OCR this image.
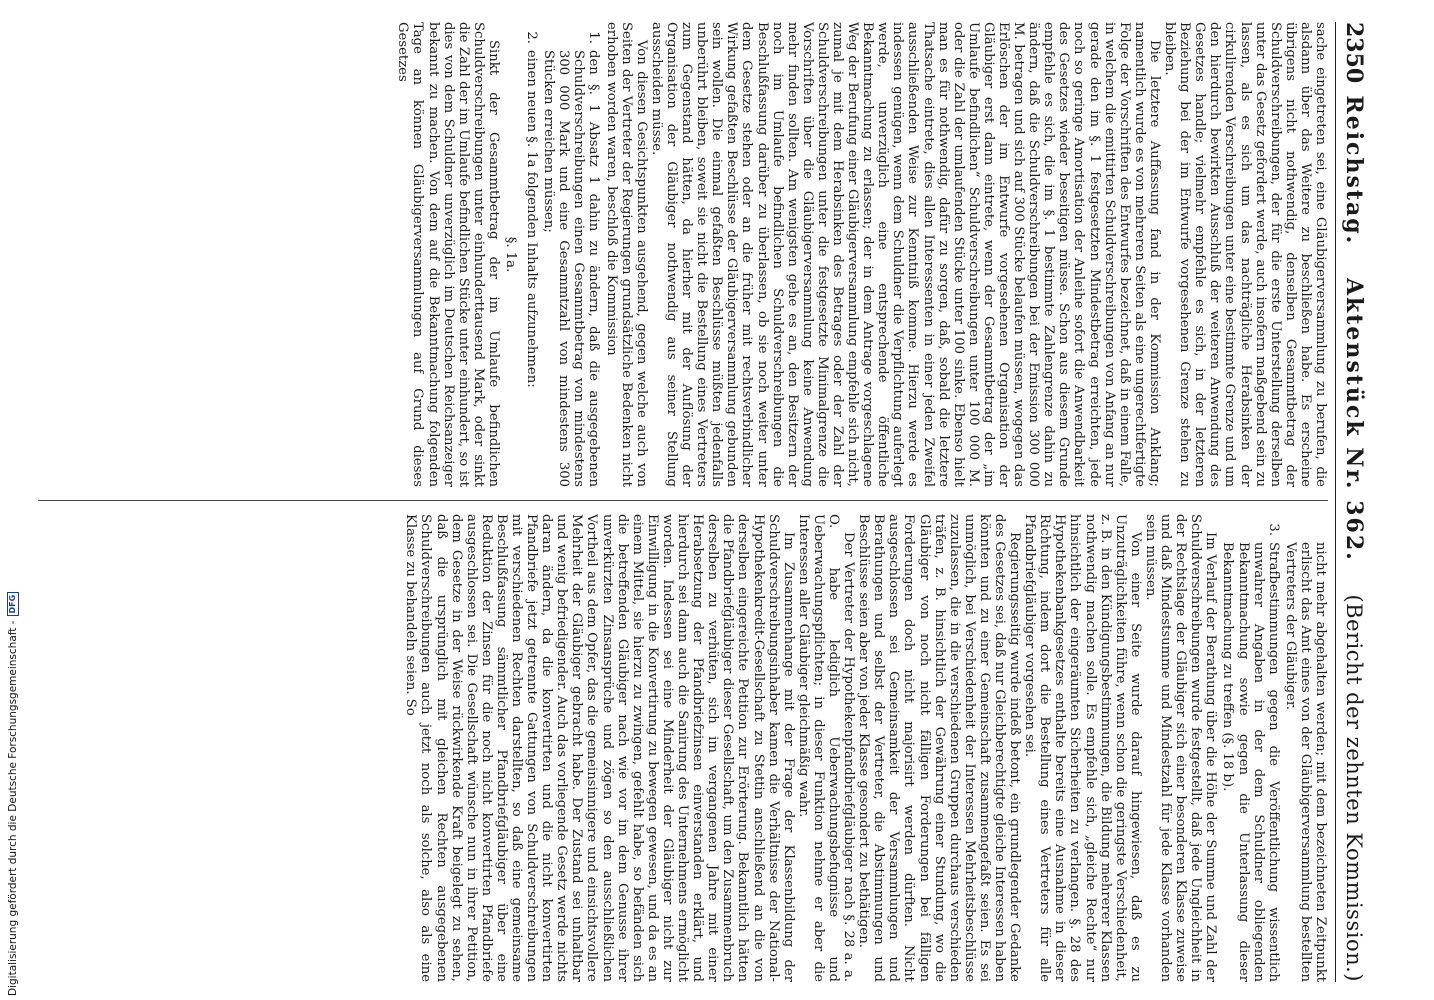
2350
Reichstag.    Aktenstück Nr. 362.    (Bericht der zehnten Kommission.)

sache eingetreten sei, eine Gläubigerversammlung zu berufen, die alsdann über das Weitere zu beschließen habe. Es erscheine übrigens nicht nothwendig, denselben Gesammtbetrag der Schuldverschreibungen, der für die erste Unterstellung derselben unter das Gesetz gefordert werde, auch insofern maßgebend sein zu lassen, als es sich um das nachträgliche Herabsinken der cirkulirenden Verschreibungen unter eine bestimmte Grenze und um den hierdurch bewirkten Ausschluß der weiteren Anwendung des Gesetzes handle; vielmehr empfehle es sich, in der letzteren Beziehung bei der im Entwurfe vorgesehenen Grenze stehen zu bleiben.

Die letztere Auffassung fand in der Kommission Anklang; namentlich wurde es von mehreren Seiten als eine ungerechtfertigte Folge der Vorschriften des Entwurfes bezeichnet, daß in einem Falle, in welchem die emittirten Schuldverschreibungen von Anfang an nur gerade den im §. 1 festgesetzten Mindestbetrag erreichten, jede noch so geringe Amortisation der Anleihe sofort die Anwendbarkeit des Gesetzes wieder beseitigen müsse. Schon aus diesem Grunde empfehle es sich, die im §. 1 bestimmte Zahlengrenze dahin zu ändern, daß die Schuldverschreibungen bei der Emission 300 000 M. betragen und sich auf 300 Stücke belaufen müssen, wogegen das Erlöschen der im Entwurfe vorgesehenen Organisation der Gläubiger erst dann eintrete, wenn der Gesammtbetrag der „im Umlaufe befindlichen“ Schuldverschreibungen unter 100 000 M. oder die Zahl der umlaufenden Stücke unter 100 sinke. Ebenso hielt man es für nothwendig, dafür zu sorgen, daß, sobald die letztere Thatsache eintrete, dies allen Interessenten in einer jeden Zweifel ausschließenden Weise zur Kenntniß komme. Hierzu werde es indessen genügen, wenn dem Schuldner die Verpflichtung auferlegt werde, unverzüglich eine entsprechende öffentliche Bekanntmachung zu erlassen; der in dem Antrage vorgeschlagene Weg der Berufung einer Gläubigerversammlung empfehle sich nicht, zumal je mit dem Herabsinken des Betrages oder der Zahl der Schuldverschreibungen unter die festgesetzte Minimalgrenze die Vorschriften über die Gläubigerversammlung keine Anwendung mehr finden sollten. Am wenigsten gehe es an, den Besitzern der noch im Umlaufe befindlichen Schuldverschreibungen die Beschlußfassung darüber zu überlassen, ob sie noch weiter unter dem Gesetze stehen oder an die früher mit rechtsverbindlicher Wirkung gefaßten Beschlüsse der Gläubigerversammlung gebunden sein wollen. Die einmal gefaßten Beschlüsse müßten jedenfalls unberührt bleiben, soweit sie nicht die Bestellung eines Vertreters zum Gegenstand hätten, da hierher mit der Auflösung der Organisation der Gläubiger nothwendig aus seiner Stellung ausscheiden müsse.

Von diesen Gesichtspunkten ausgehend, gegen welche auch von Seiten der Vertreter der Regierungen grundsätzliche Bedenken nicht erhoben worden waren, beschloß die Kommission

1.
den §. 1 Absatz 1 dahin zu ändern, daß die ausgegebenen Schuldverschreibungen einen Gesammtbetrag von mindestens 300 000 Mark und eine Gesammtzahl von mindestens 300 Stücken erreichen müssen;
2.
einen neuen §. 1a folgenden Inhalts aufzunehmen:

§. 1a.

Sinkt der Gesammtbetrag der im Umlaufe befindlichen Schuldverschreibungen unter einhunderttausend Mark, oder sinkt die Zahl der im Umlaufe befindlichen Stücke unter einhundert, so ist dies von dem Schuldner unverzüglich im Deutschen Reichsanzeiger bekannt zu machen. Von dem auf die Bekanntmachung folgenden Tage an können Gläubigerversammlungen auf Grund dieses Gesetzes

nicht mehr abgehalten werden; mit dem bezeichneten Zeitpunkt erlischt das Amt eines von der Gläubigerversammlung bestellten Vertreters der Gläubiger.

3.
Strafbestimmungen gegen die Veröffentlichung wissentlich unwahrer Angaben in der dem Schuldner obliegenden Bekanntmachung sowie gegen die Unterlassung dieser Bekanntmachung zu treffen (§. 18 b).

Im Verlauf der Berathung über die Höhe der Summe und Zahl der Schuldverschreibungen wurde festgestellt, daß jede Ungleichheit in der Rechtslage der Gläubiger sich einer besonderen Klasse zuweise und daß Mindestsumme und Mindestzahl für jede Klasse vorhanden sein müssen.

Von einer Seite wurde darauf hingewiesen, daß es zu Unzuträglichkeiten führe, wenn schon die geringste Verschiedenheit, z. B. in den Kündigungsbestimmungen, die Bildung mehrerer Klassen nothwendig machen solle. Es empfehle sich, „gleiche Rechte“ nur hinsichtlich der eingeräumten Sicherheiten zu verlangen. §. 28 des Hypothekenbankgesetzes enthalte bereits eine Ausnahme in dieser Richtung, indem dort die Bestellung eines Vertreters für alle Pfandbriefgläubiger vorgesehen sei.

Regierungsseitig wurde indeß betont, ein grundlegender Gedanke des Gesetzes sei, daß nur Gleichberechtigte gleiche Interessen haben könnten und zu einer Gemeinschaft zusammengefaßt seien. Es sei unmöglich, bei Verschiedenheit der Interessen Mehrheitsbeschlüsse zuzulassen, die in die verschiedenen Gruppen durchaus verschieden träfen, z. B. hinsichtlich der Gewährung einer Stundung, wo die Gläubiger von noch nicht fälligen Forderungen bei fälligen Forderungen doch nicht majorisirt werden dürften. Nicht ausgeschlossen sei Gemeinsamkeit der Versammlungen und Berathungen und selbst der Vertreter, die Abstimmungen und Beschlüsse seien aber von jeder Klasse gesondert zu bethätigen.

Der Vertreter der Hypothekenpfandbriefgläubiger nach §. 28 a. a. O. habe lediglich Ueberwachungsbefugnisse und Ueberwachungspflichten; in dieser Funktion nehme er aber die Interessen aller Gläubiger gleichmäßig wahr.

Im Zusammenhange mit der Frage der Klassenbildung der Schuldverschreibungsinhaber kamen die Verhältnisse der National-Hypothekenkredit-Gesellschaft zu Stettin anschließend an die von derselben eingereichte Petition zur Erörterung. Bekanntlich hätten die Pfandbriefgläubiger dieser Gesellschaft, um den Zusammenbruch derselben zu verhüten, sich im vergangenen Jahre mit einer Herabsetzung der Pfandbriefzinsen einverstanden erklärt, und hierdurch sei dann auch die Sanirung des Unternehmens ermöglicht worden. Indessen sei eine Minderheit der Gläubiger nicht zur Einwilligung in die Konvertirung zu bewegen gewesen, und da es an einem Mittel, sie hierzu zu zwingen, gefehlt habe, so befänden sich die betreffenden Gläubiger nach wie vor im dem Genusse ihrer unverkürzten Zinsansprüche und zögen so den ausschließlichen Vortheil aus dem Opfer, das die gemeinsinnigere und einsichtsvollere Mehrheit der Gläubiger gebracht habe. Der Zustand sei unhaltbar und wenig befriedigender. Auch das vorliegende Gesetz werde nichts daran ändern, da die konvertirten und die nicht konvertirten Pfandbriefe jetzt getrennte Gattungen von Schuldverschreibungen mit verschiedenen Rechten darstellten, so daß eine gemeinsame Beschlußfassung sämmtlicher Pfandbriefgläubiger über eine Reduktion der Zinsen für die noch nicht konvertirten Pfandbriefe ausgeschlossen sei. Die Gesellschaft wünsche nun in ihrer Petition, dem Gesetze in der Weise rückwirkende Kraft beigelegt zu sehen, daß die ursprünglich mit gleichen Rechten ausgegebenen Schuldverschreibungen auch jetzt noch als solche, also als eine Klasse zu behandeln seien. So

Digitalisierung gefördert durch die Deutsche Forschungsgemeinschaft -
DFG
